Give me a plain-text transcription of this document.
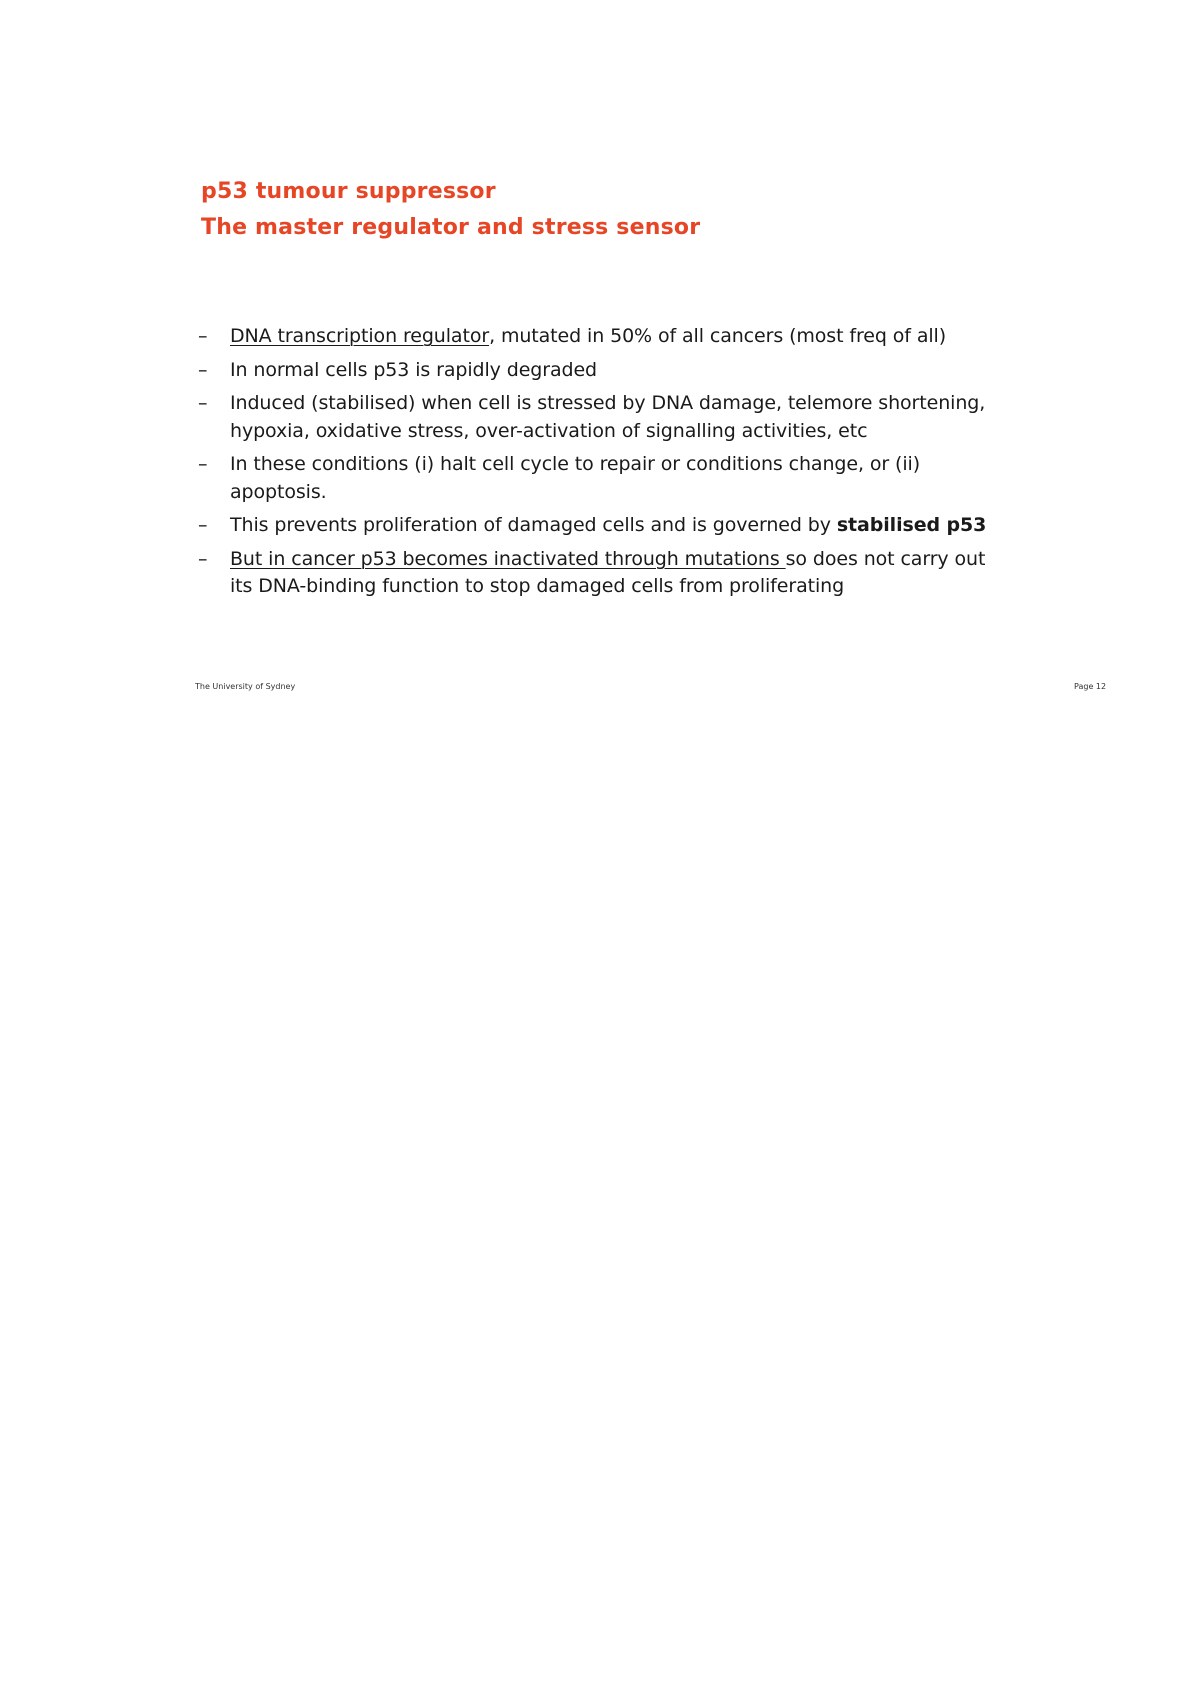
p53 tumour suppressor
The master regulator and stress sensor
– DNA transcription regulator, mutated in 50% of all cancers (most freq of all)
– In normal cells p53 is rapidly degraded
– Induced (stabilised) when cell is stressed by DNA damage, telemore shortening, hypoxia, oxidative stress, over-activation of signalling activities, etc
– In these conditions (i) halt cell cycle to repair or conditions change, or (ii) apoptosis.
– This prevents proliferation of damaged cells and is governed by stabilised p53
– But in cancer p53 becomes inactivated through mutations so does not carry out its DNA-binding function to stop damaged cells from proliferating
The University of Sydney	Page 12
